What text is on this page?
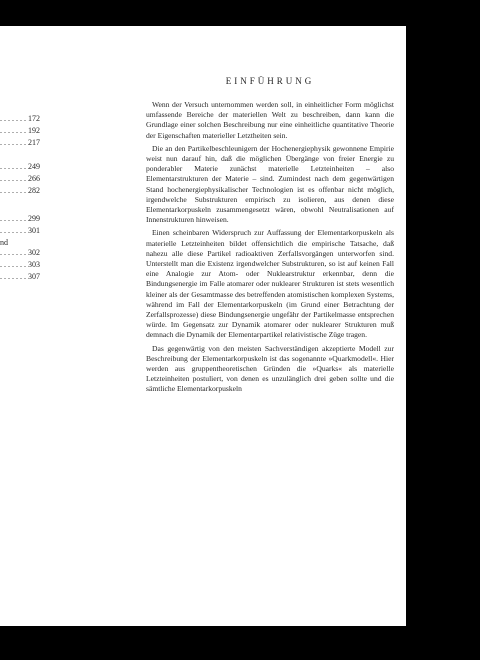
. . . . . . . 172
. . . . . . . 192
. . . . . . . 217
. . . . . . . 249
. . . . . . . 266
. . . . . . . 282
. . . . . . . 299
. . . . . . . 301
nd
. . . . . . . 302
. . . . . . . 303
. . . . . . . 307
EINFÜHRUNG

Wenn der Versuch unternommen werden soll, in einheitlicher Form möglichst umfassende Bereiche der materiellen Welt zu beschreiben, dann kann die Grundlage einer solchen Beschreibung nur eine einheitliche quantitative Theorie der Eigenschaften materieller Letztheiten sein.

Die an den Partikelbeschleunigern der Hochenergiephysik gewonnene Empirie weist nun darauf hin, daß die möglichen Übergänge von freier Energie zu ponderabler Materie zunächst materielle Letzteinheiten – also Elementarstrukturen der Materie – sind. Zumindest nach dem gegenwärtigen Stand hochenergiephysikalischer Technologien ist es offenbar nicht möglich, irgendwelche Substrukturen empirisch zu isolieren, aus denen diese Elementarkorpuskeln zusammengesetzt wären, obwohl Neutralisationen auf Innenstrukturen hinweisen.

Einen scheinbaren Widerspruch zur Auffassung der Elementarkorpuskeln als materielle Letzteinheiten bildet offensichtlich die empirische Tatsache, daß nahezu alle diese Partikel radioaktiven Zerfallsvorgängen unterworfen sind. Unterstellt man die Existenz irgendwelcher Substrukturen, so ist auf keinen Fall eine Analogie zur Atom- oder Nuklearstruktur erkennbar, denn die Bindungsenergie im Falle atomarer oder nuklearer Strukturen ist stets wesentlich kleiner als der Gesamtmasse des betreffenden atomistischen komplexen Systems, während im Fall der Elementarkorpuskeln (im Grund einer Betrachtung der Zerfallsprozesse) diese Bindungsenergie ungefähr der Partikelmasse entsprechen würde. Im Gegensatz zur Dynamik atomarer oder nuklearer Strukturen muß demnach die Dynamik der Elementarpartikel relativistische Züge tragen.

Das gegenwärtig von den meisten Sachverständigen akzeptierte Modell zur Beschreibung der Elementarkorpuskeln ist das sogenannte »Quarkmodell«. Hier werden aus gruppentheoretischen Gründen die »Quarks« als materielle Letzteinheiten postuliert, von denen es unzulänglich drei geben sollte und die sämtliche Elementarkorpuskeln
